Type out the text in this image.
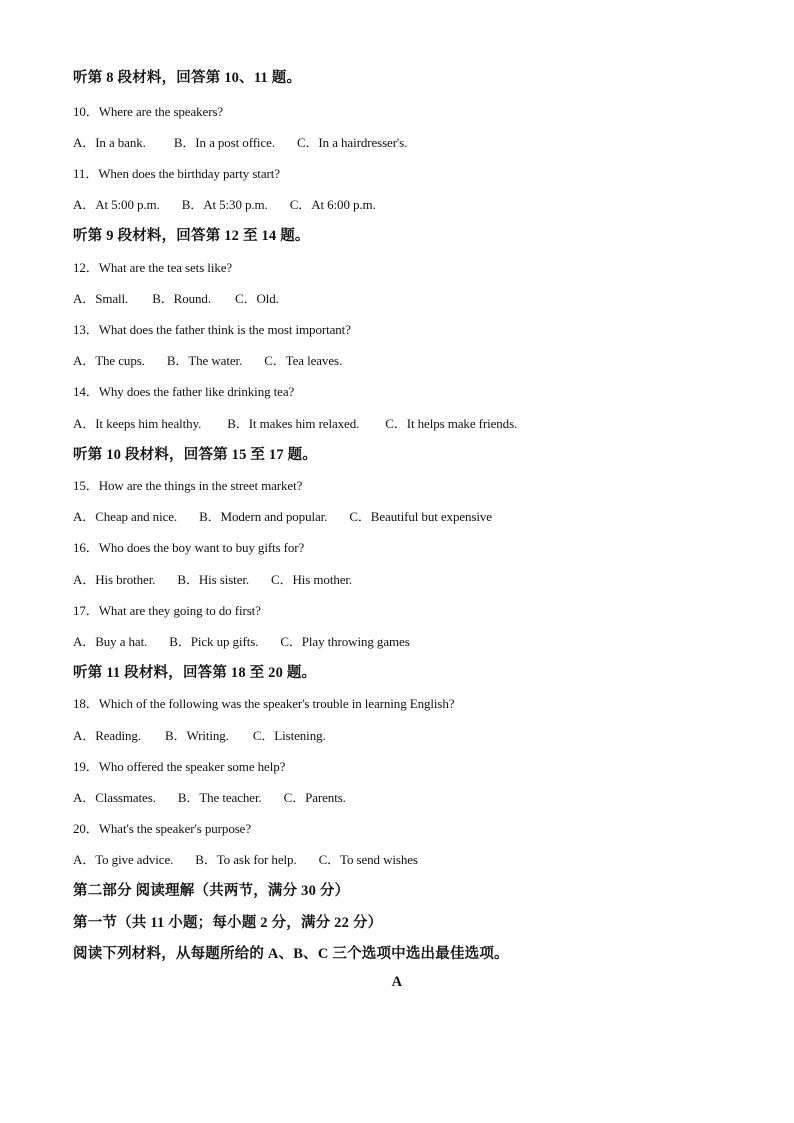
听第 8 段材料，回答第 10、11 题。
10．Where are the speakers?
A．In a bank. B．In a post office. C．In a hairdresser's.
11．When does the birthday party start?
A．At 5:00 p.m. B．At 5:30 p.m. C．At 6:00 p.m.
听第 9 段材料，回答第 12 至 14 题。
12．What are the tea sets like?
A．Small. B．Round. C．Old.
13．What does the father think is the most important?
A．The cups. B．The water. C．Tea leaves.
14．Why does the father like drinking tea?
A．It keeps him healthy. B．It makes him relaxed. C．It helps make friends.
听第 10 段材料，回答第 15 至 17 题。
15．How are the things in the street market?
A．Cheap and nice. B．Modern and popular. C．Beautiful but expensive
16．Who does the boy want to buy gifts for?
A．His brother. B．His sister. C．His mother.
17．What are they going to do first?
A．Buy a hat. B．Pick up gifts. C．Play throwing games
听第 11 段材料，回答第 18 至 20 题。
18．Which of the following was the speaker's trouble in learning English?
A．Reading. B．Writing. C．Listening.
19．Who offered the speaker some help?
A．Classmates. B．The teacher. C．Parents.
20．What's the speaker's purpose?
A．To give advice. B．To ask for help. C．To send wishes
第二部分 阅读理解（共两节，满分 30 分）
第一节（共 11 小题；每小题 2 分，满分 22 分）
阅读下列材料，从每题所给的 A、B、C 三个选项中选出最佳选项。
A
